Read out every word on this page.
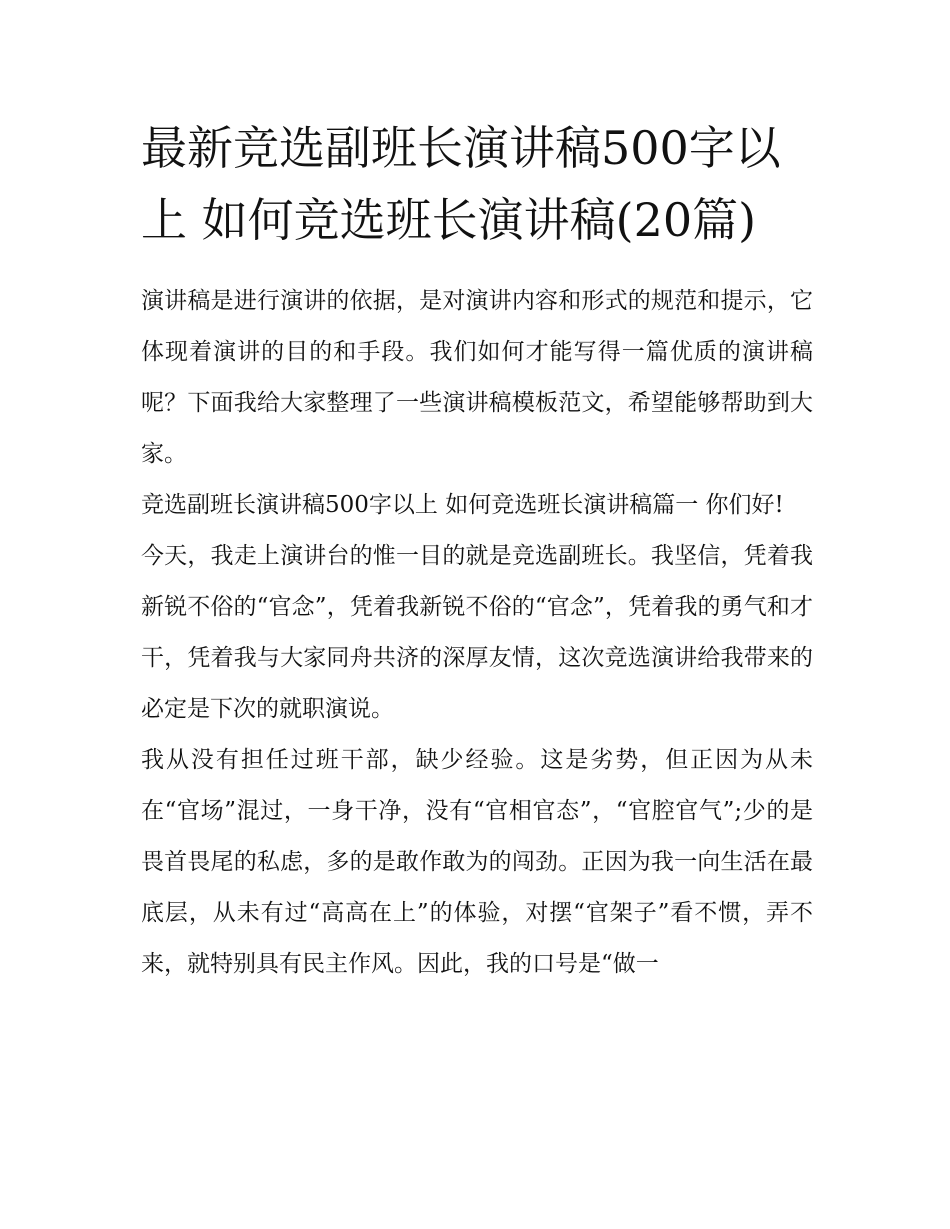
最新竞选副班长演讲稿500字以上 如何竞选班长演讲稿(20篇)

演讲稿是进行演讲的依据，是对演讲内容和形式的规范和提示，它体现着演讲的目的和手段。我们如何才能写得一篇优质的演讲稿呢？下面我给大家整理了一些演讲稿模板范文，希望能够帮助到大家。

竞选副班长演讲稿500字以上 如何竞选班长演讲稿篇一 你们好!

今天，我走上演讲台的惟一目的就是竞选副班长。我坚信，凭着我新锐不俗的“官念”，凭着我新锐不俗的“官念”，凭着我的勇气和才干，凭着我与大家同舟共济的深厚友情，这次竞选演讲给我带来的必定是下次的就职演说。

我从没有担任过班干部，缺少经验。这是劣势，但正因为从未在“官场”混过，一身干净，没有“官相官态”，“官腔官气”;少的是畏首畏尾的私虑，多的是敢作敢为的闯劲。正因为我一向生活在最底层，从未有过“高高在上”的体验，对摆“官架子”看不惯，弄不来，就特别具有民主作风。因此，我的口号是“做一
